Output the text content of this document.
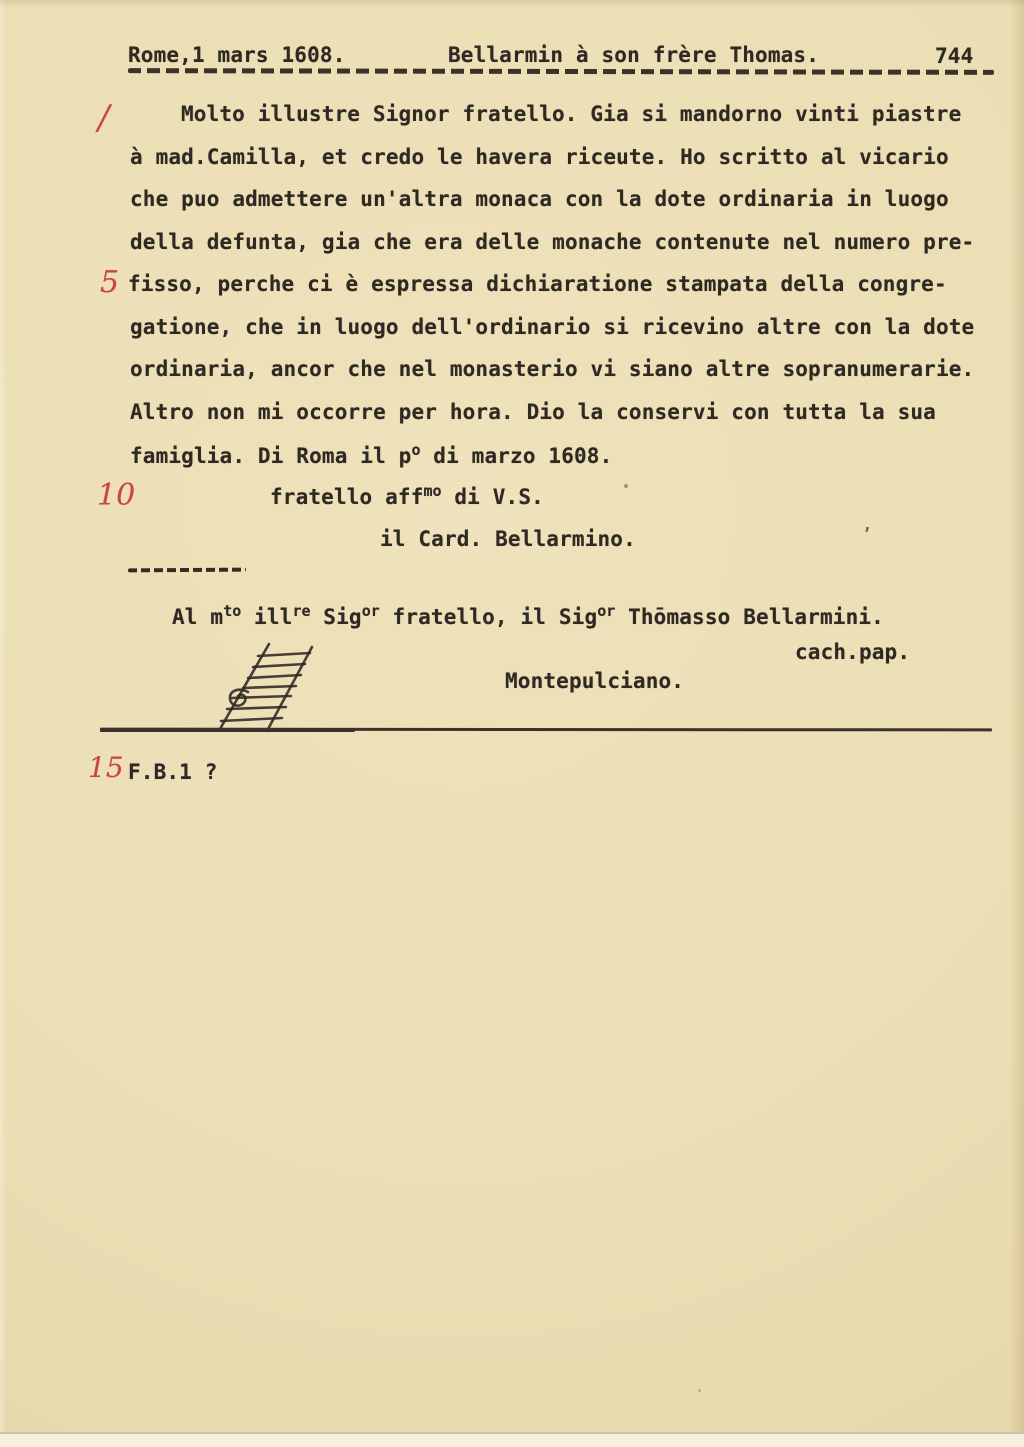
Rome,1 mars 1608.	Bellarmin à son frère Thomas.	744
/
5
10
15
Molto illustre Signor fratello. Gia si mandorno vinti piastre
à mad.Camilla, et credo le havera riceute. Ho scritto al vicario
che puo admettere un'altra monaca con la dote ordinaria in luogo
della defunta, gia che era delle monache contenute nel numero pre-
fisso, perche ci è espressa dichiaratione stampata della congre-
gatione, che in luogo dell'ordinario si ricevino altre con la dote
ordinaria, ancor che nel monasterio vi siano altre sopranumerarie.
Altro non mi occorre per hora. Dio la conservi con tutta la sua
famiglia. Di Roma il $p^o$ di marzo 1608.
fratello aff$^{mo}$ di V.S.
il Card. Bellarmino.	’
Al $m^{to}$ ill$^{re}$ Sig$^{or}$ fratello, il Sig$^{or}$ Thōmasso Bellarmini.
cach.pap.
Montepulciano.
F.B.1 ?
